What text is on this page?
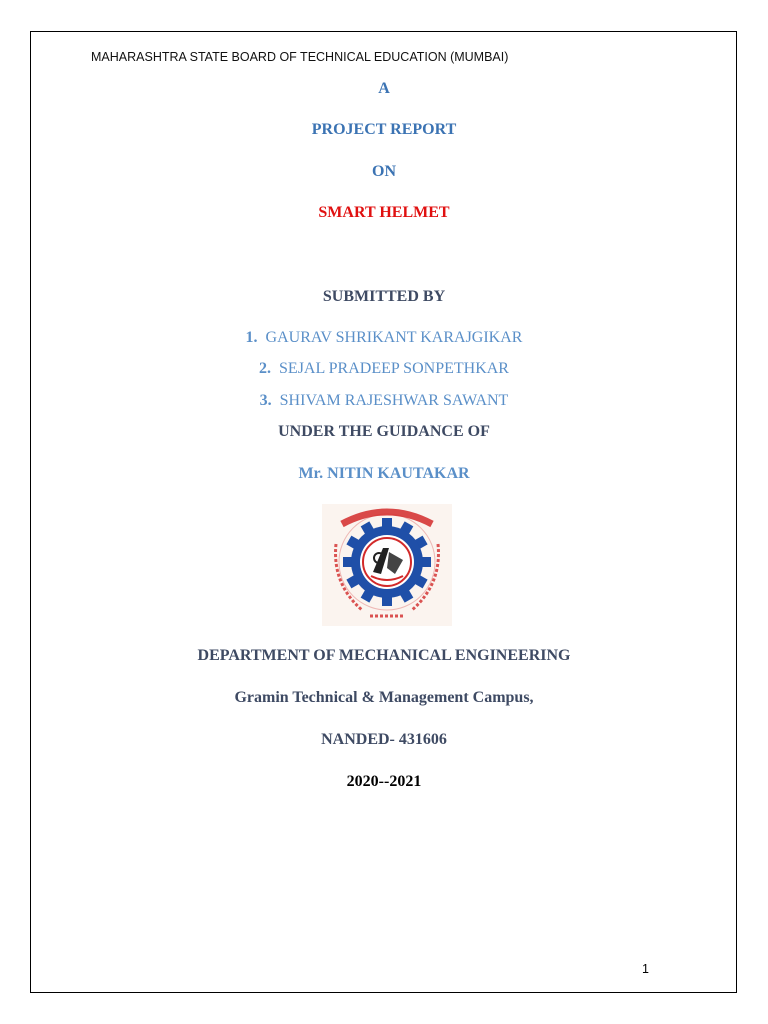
MAHARASHTRA STATE BOARD OF TECHNICAL EDUCATION (MUMBAI)
A
PROJECT REPORT
ON
SMART HELMET
SUBMITTED BY
1. GAURAV SHRIKANT KARAJGIKAR
2. SEJAL PRADEEP SONPETHKAR
3. SHIVAM RAJESHWAR SAWANT
UNDER THE GUIDANCE OF
Mr. NITIN KAUTAKAR
DEPARTMENT OF MECHANICAL ENGINEERING
Gramin Technical & Management Campus,
NANDED- 431606
2020--2021
1
